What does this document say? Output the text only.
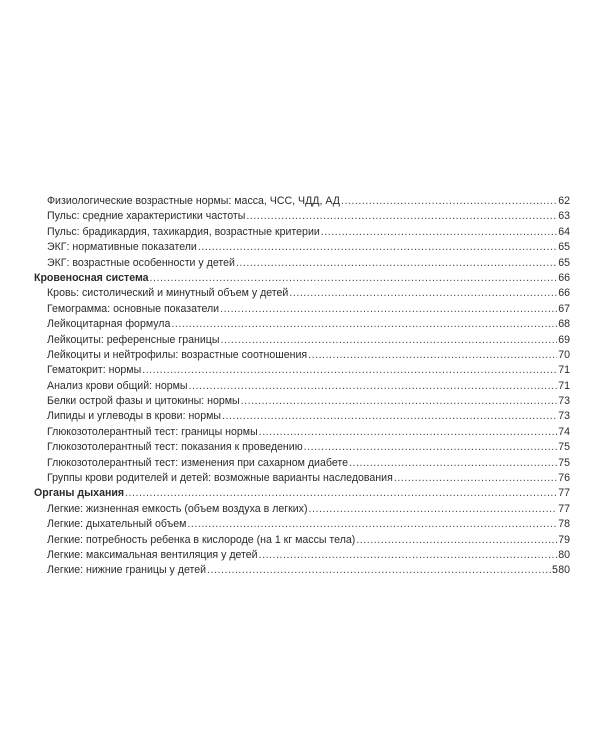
Физиологические возрастные нормы: масса, ЧСС, ЧДД, АД . . .	62
Пульс: средние характеристики частоты . . .	63
Пульс: брадикардия, тахикардия, возрастные критерии . . .	64
ЭКГ: нормативные показатели . . .	65
ЭКГ: возрастные особенности у детей . . .	65
Кровеносная система . . .	66
Кровь: систолический и минутный объем у детей . . .	66
Гемограмма: основные показатели . . .	67
Лейкоцитарная формула . . .	68
Лейкоциты: референсные границы . . .	69
Лейкоциты и нейтрофилы: возрастные соотношения . . .	70
Гематокрит: нормы . . .	71
Анализ крови общий: нормы . . .	71
Белки острой фазы и цитокины: нормы . . .	73
Липиды и углеводы в крови: нормы . . .	73
Глюкозотолерантный тест: границы нормы . . .	74
Глюкозотолерантный тест: показания к проведению . . .	75
Глюкозотолерантный тест: изменения при сахарном диабете . . .	75
Группы крови родителей и детей: возможные варианты наследования . . .	76
Органы дыхания . . .	77
Легкие: жизненная емкость (объем воздуха в легких) . . .	77
Легкие: дыхательный объем . . .	78
Легкие: потребность ребенка в кислороде (на 1 кг массы тела) . . .	79
Легкие: максимальная вентиляция у детей . . .	80
Легкие: нижние границы у детей . . .	80
5
